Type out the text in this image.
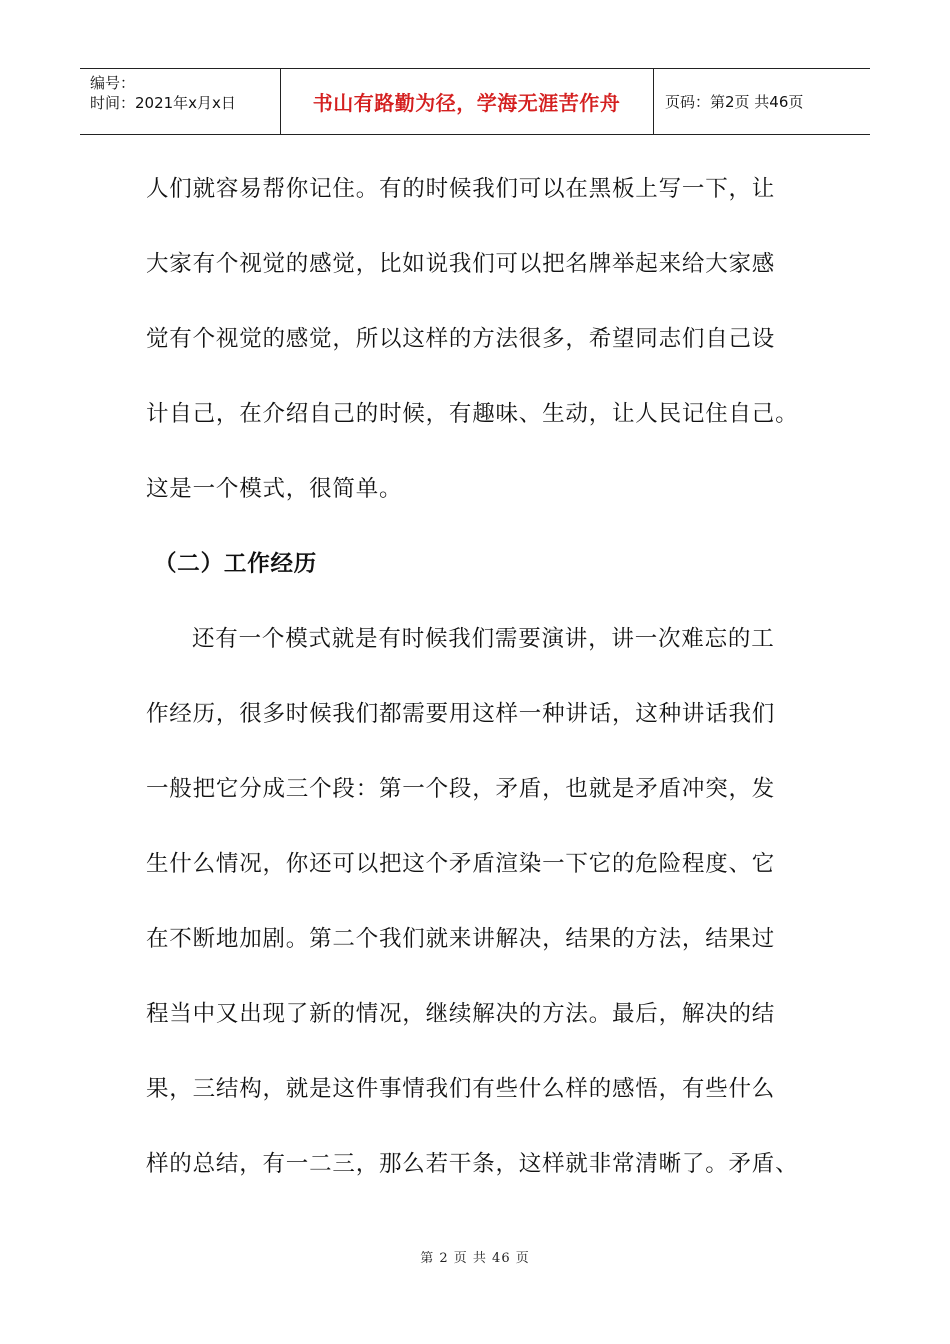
编号：
时间：2021年x月x日	书山有路勤为径，学海无涯苦作舟	页码：第2页 共46页
人们就容易帮你记住。有的时候我们可以在黑板上写一下，让
大家有个视觉的感觉，比如说我们可以把名牌举起来给大家感
觉有个视觉的感觉，所以这样的方法很多，希望同志们自己设
计自己，在介绍自己的时候，有趣味、生动，让人民记住自己。
这是一个模式，很简单。
（二）工作经历
还有一个模式就是有时候我们需要演讲，讲一次难忘的工
作经历，很多时候我们都需要用这样一种讲话，这种讲话我们
一般把它分成三个段：第一个段，矛盾，也就是矛盾冲突，发
生什么情况，你还可以把这个矛盾渲染一下它的危险程度、它
在不断地加剧。第二个我们就来讲解决，结果的方法，结果过
程当中又出现了新的情况，继续解决的方法。最后，解决的结
果，三结构，就是这件事情我们有些什么样的感悟，有些什么
样的总结，有一二三，那么若干条，这样就非常清晰了。矛盾、
第 2 页 共 46 页
